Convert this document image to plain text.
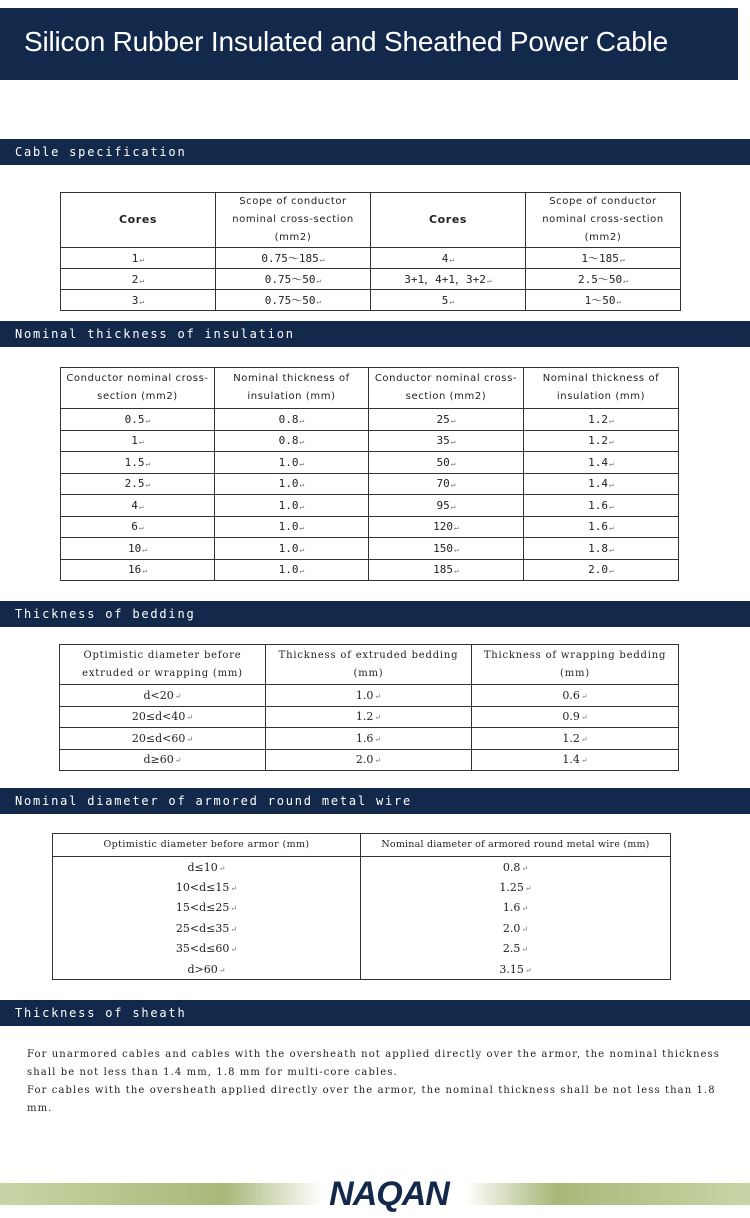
Silicon Rubber Insulated and Sheathed Power Cable
Cable specification
Cores	Scope of conductor nominal cross-section (mm2)	Cores	Scope of conductor nominal cross-section (mm2)
1↵	0.75～185↵	4↵	1～185↵
2↵	0.75～50↵	3+1，4+1，3+2↵	2.5～50↵
3↵	0.75～50↵	5↵	1～50↵
Nominal thickness of insulation
Conductor nominal cross-section (mm2)	Nominal thickness of insulation (mm)	Conductor nominal cross-section (mm2)	Nominal thickness of insulation (mm)
0.5↵	0.8↵	25↵	1.2↵
1↵	0.8↵	35↵	1.2↵
1.5↵	1.0↵	50↵	1.4↵
2.5↵	1.0↵	70↵	1.4↵
4↵	1.0↵	95↵	1.6↵
6↵	1.0↵	120↵	1.6↵
10↵	1.0↵	150↵	1.8↵
16↵	1.0↵	185↵	2.0↵
Thickness of bedding
Optimistic diameter before extruded or wrapping (mm)	Thickness of extruded bedding (mm)	Thickness of wrapping bedding (mm)
d<20↵	1.0↵	0.6↵
20≤d<40↵	1.2↵	0.9↵
20≤d<60↵	1.6↵	1.2↵
d≥60↵	2.0↵	1.4↵
Nominal diameter of armored round metal wire
Optimistic diameter before armor (mm)	Nominal diameter of armored round metal wire (mm)
d≤10↵	0.8↵
10<d≤15↵	1.25↵
15<d≤25↵	1.6↵
25<d≤35↵	2.0↵
35<d≤60↵	2.5↵
d>60↵	3.15↵
Thickness of sheath

For unarmored cables and cables with the oversheath not applied directly over the armor, the nominal thickness shall be not less than 1.4 mm, 1.8 mm for multi-core cables.

For cables with the oversheath applied directly over the armor, the nominal thickness shall be not less than 1.8 mm.

NAQAN
